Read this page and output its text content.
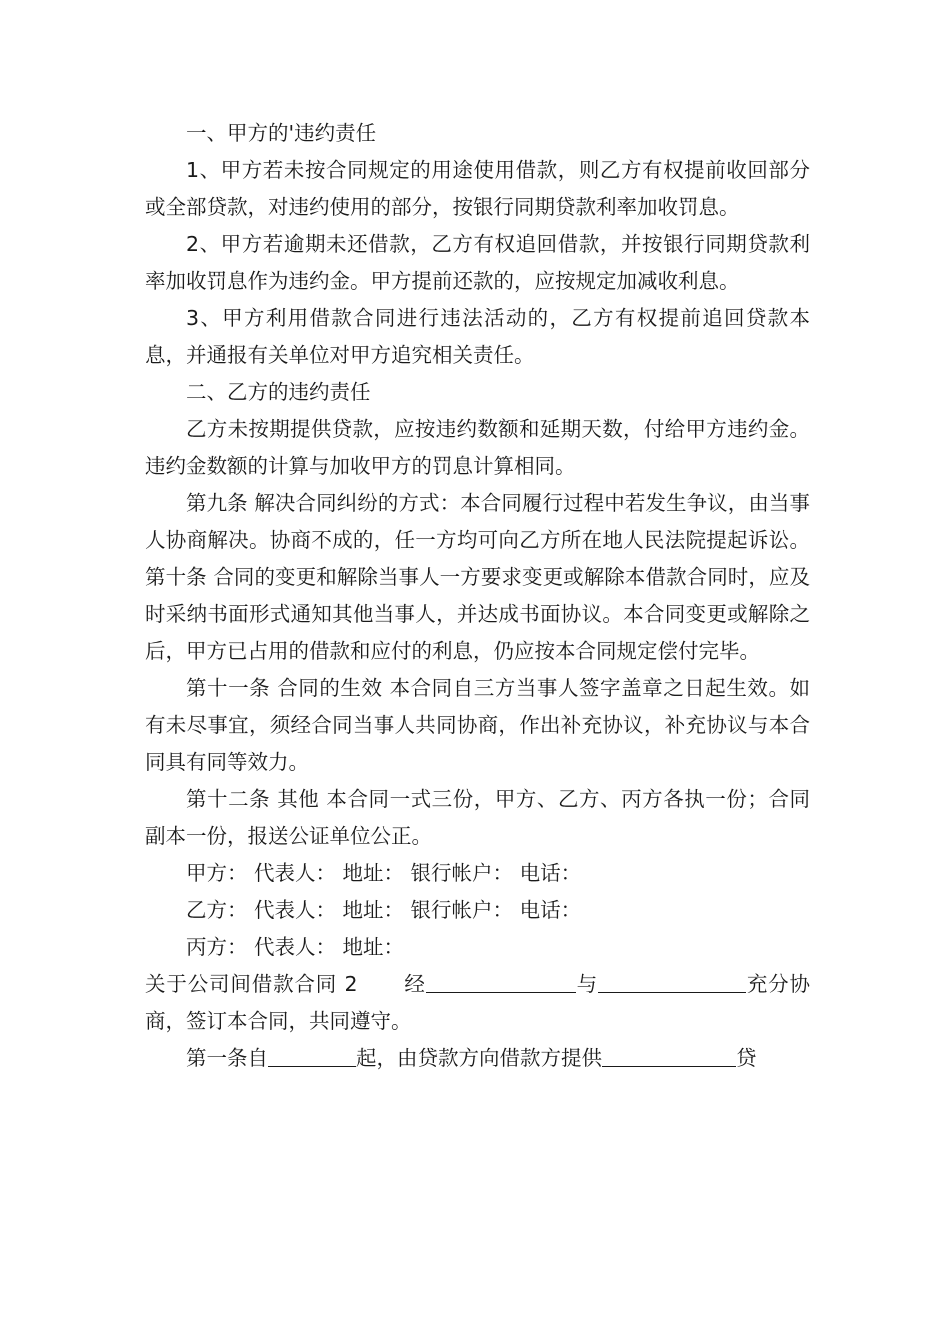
一、甲方的'违约责任

1、甲方若未按合同规定的用途使用借款，则乙方有权提前收回部分或全部贷款，对违约使用的部分，按银行同期贷款利率加收罚息。

2、甲方若逾期未还借款，乙方有权追回借款，并按银行同期贷款利率加收罚息作为违约金。甲方提前还款的，应按规定加减收利息。

3、甲方利用借款合同进行违法活动的，乙方有权提前追回贷款本息，并通报有关单位对甲方追究相关责任。

二、乙方的违约责任

乙方未按期提供贷款，应按违约数额和延期天数，付给甲方违约金。违约金数额的计算与加收甲方的罚息计算相同。

第九条 解决合同纠纷的方式：本合同履行过程中若发生争议，由当事人协商解决。协商不成的，任一方均可向乙方所在地人民法院提起诉讼。 第十条 合同的变更和解除当事人一方要求变更或解除本借款合同时，应及时采纳书面形式通知其他当事人，并达成书面协议。本合同变更或解除之后，甲方已占用的借款和应付的利息，仍应按本合同规定偿付完毕。

第十一条 合同的生效 本合同自三方当事人签字盖章之日起生效。如有未尽事宜，须经合同当事人共同协商，作出补充协议，补充协议与本合同具有同等效力。

第十二条 其他 本合同一式三份，甲方、乙方、丙方各执一份；合同副本一份，报送公证单位公正。

甲方： 代表人： 地址： 银行帐户： 电话：

乙方： 代表人： 地址： 银行帐户： 电话：

丙方： 代表人： 地址：

关于公司间借款合同 2 经	与	充分协商，签订本合同，共同遵守。

第一条自	起，由贷款方向借款方提供	贷
